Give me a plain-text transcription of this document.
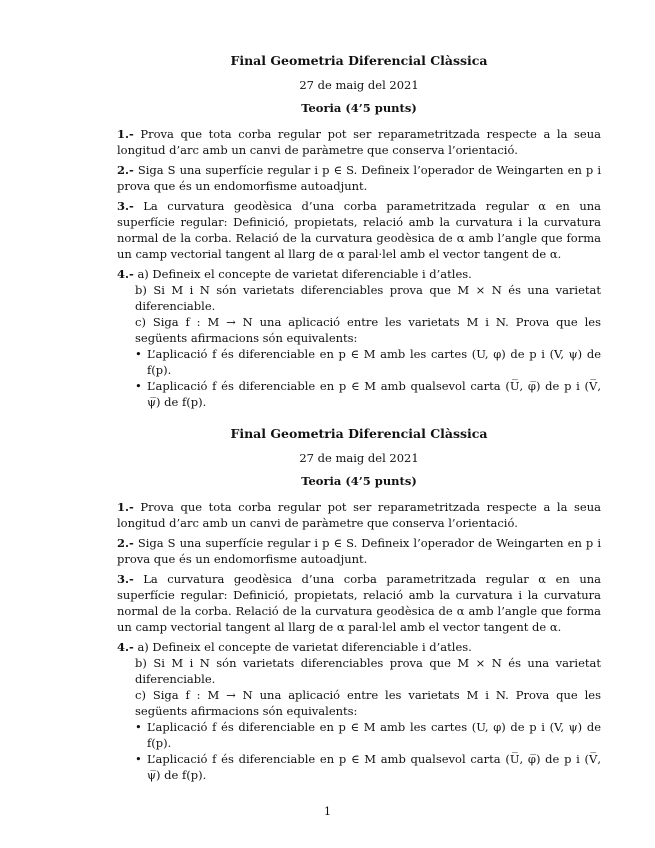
Final Geometria Diferencial Clàssica
27 de maig del 2021
Teoria (4’5 punts)
1.- Prova que tota corba regular pot ser reparametritzada respecte a la seua longitud d’arc amb un canvi de paràmetre que conserva l’orientació.
2.- Siga S una superfície regular i p ∈ S. Defineix l’operador de Weingarten en p i prova que és un endomorfisme autoadjunt.
3.- La curvatura geodèsica d’una corba parametritzada regular α en una superfície regular: Definició, propietats, relació amb la curvatura i la curvatura normal de la corba. Relació de la curvatura geodèsica de α amb l’angle que forma un camp vectorial tangent al llarg de α paral·lel amb el vector tangent de α.
4.- a) Defineix el concepte de varietat diferenciable i d’atles.
b) Si M i N són varietats diferenciables prova que M × N és una varietat diferenciable.
c) Siga f : M → N una aplicació entre les varietats M i N. Prova que les següents afirmacions són equivalents:
• L’aplicació f és diferenciable en p ∈ M amb les cartes (U, φ) de p i (V, ψ) de f(p).
• L’aplicació f és diferenciable en p ∈ M amb qualsevol carta (U̅, φ̅) de p i (V̅, ψ̅) de f(p).
Final Geometria Diferencial Clàssica
27 de maig del 2021
Teoria (4’5 punts)
1.- Prova que tota corba regular pot ser reparametritzada respecte a la seua longitud d’arc amb un canvi de paràmetre que conserva l’orientació.
2.- Siga S una superfície regular i p ∈ S. Defineix l’operador de Weingarten en p i prova que és un endomorfisme autoadjunt.
3.- La curvatura geodèsica d’una corba parametritzada regular α en una superfície regular: Definició, propietats, relació amb la curvatura i la curvatura normal de la corba. Relació de la curvatura geodèsica de α amb l’angle que forma un camp vectorial tangent al llarg de α paral·lel amb el vector tangent de α.
4.- a) Defineix el concepte de varietat diferenciable i d’atles.
b) Si M i N són varietats diferenciables prova que M × N és una varietat diferenciable.
c) Siga f : M → N una aplicació entre les varietats M i N. Prova que les següents afirmacions són equivalents:
• L’aplicació f és diferenciable en p ∈ M amb les cartes (U, φ) de p i (V, ψ) de f(p).
• L’aplicació f és diferenciable en p ∈ M amb qualsevol carta (U̅, φ̅) de p i (V̅, ψ̅) de f(p).
1
